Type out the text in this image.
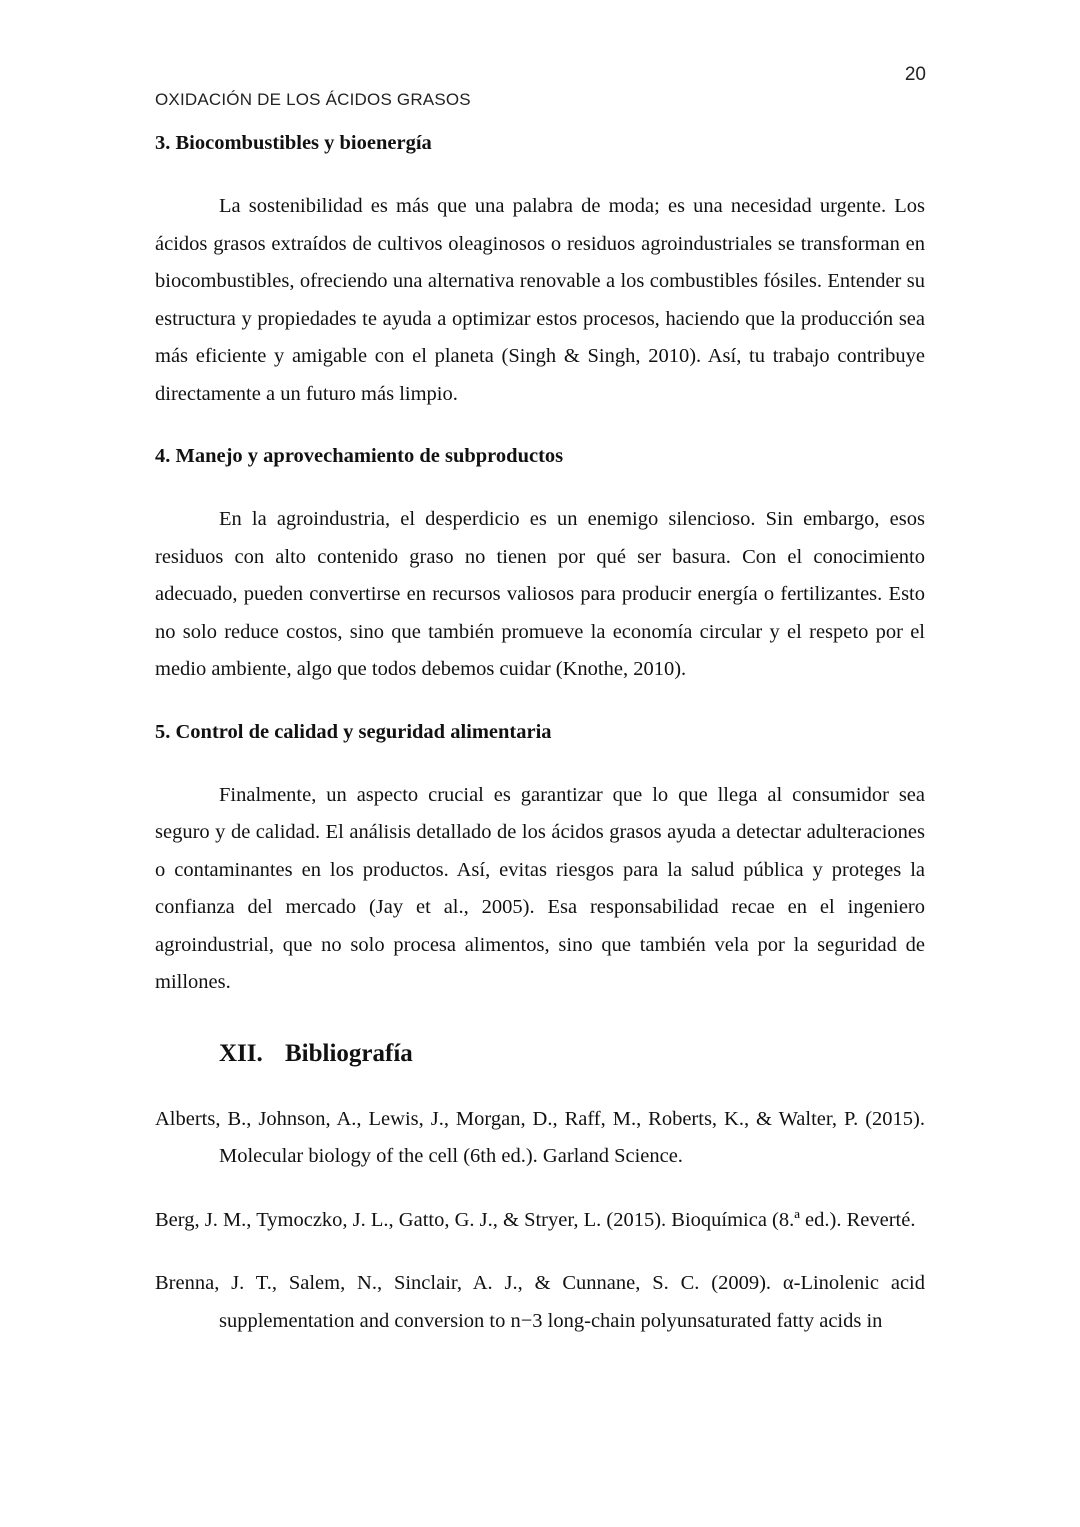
20
OXIDACIÓN DE LOS ÁCIDOS GRASOS
3. Biocombustibles y bioenergía

La sostenibilidad es más que una palabra de moda; es una necesidad urgente. Los ácidos grasos extraídos de cultivos oleaginosos o residuos agroindustriales se transforman en biocombustibles, ofreciendo una alternativa renovable a los combustibles fósiles. Entender su estructura y propiedades te ayuda a optimizar estos procesos, haciendo que la producción sea más eficiente y amigable con el planeta (Singh & Singh, 2010). Así, tu trabajo contribuye directamente a un futuro más limpio.

4. Manejo y aprovechamiento de subproductos

En la agroindustria, el desperdicio es un enemigo silencioso. Sin embargo, esos residuos con alto contenido graso no tienen por qué ser basura. Con el conocimiento adecuado, pueden convertirse en recursos valiosos para producir energía o fertilizantes. Esto no solo reduce costos, sino que también promueve la economía circular y el respeto por el medio ambiente, algo que todos debemos cuidar (Knothe, 2010).

5. Control de calidad y seguridad alimentaria

Finalmente, un aspecto crucial es garantizar que lo que llega al consumidor sea seguro y de calidad. El análisis detallado de los ácidos grasos ayuda a detectar adulteraciones o contaminantes en los productos. Así, evitas riesgos para la salud pública y proteges la confianza del mercado (Jay et al., 2005). Esa responsabilidad recae en el ingeniero agroindustrial, que no solo procesa alimentos, sino que también vela por la seguridad de millones.

XII. Bibliografía
Alberts, B., Johnson, A., Lewis, J., Morgan, D., Raff, M., Roberts, K., & Walter, P. (2015). Molecular biology of the cell (6th ed.). Garland Science.
Berg, J. M., Tymoczko, J. L., Gatto, G. J., & Stryer, L. (2015). Bioquímica (8.ª ed.). Reverté.
Brenna, J. T., Salem, N., Sinclair, A. J., & Cunnane, S. C. (2009). α-Linolenic acid supplementation and conversion to n−3 long-chain polyunsaturated fatty acids in
